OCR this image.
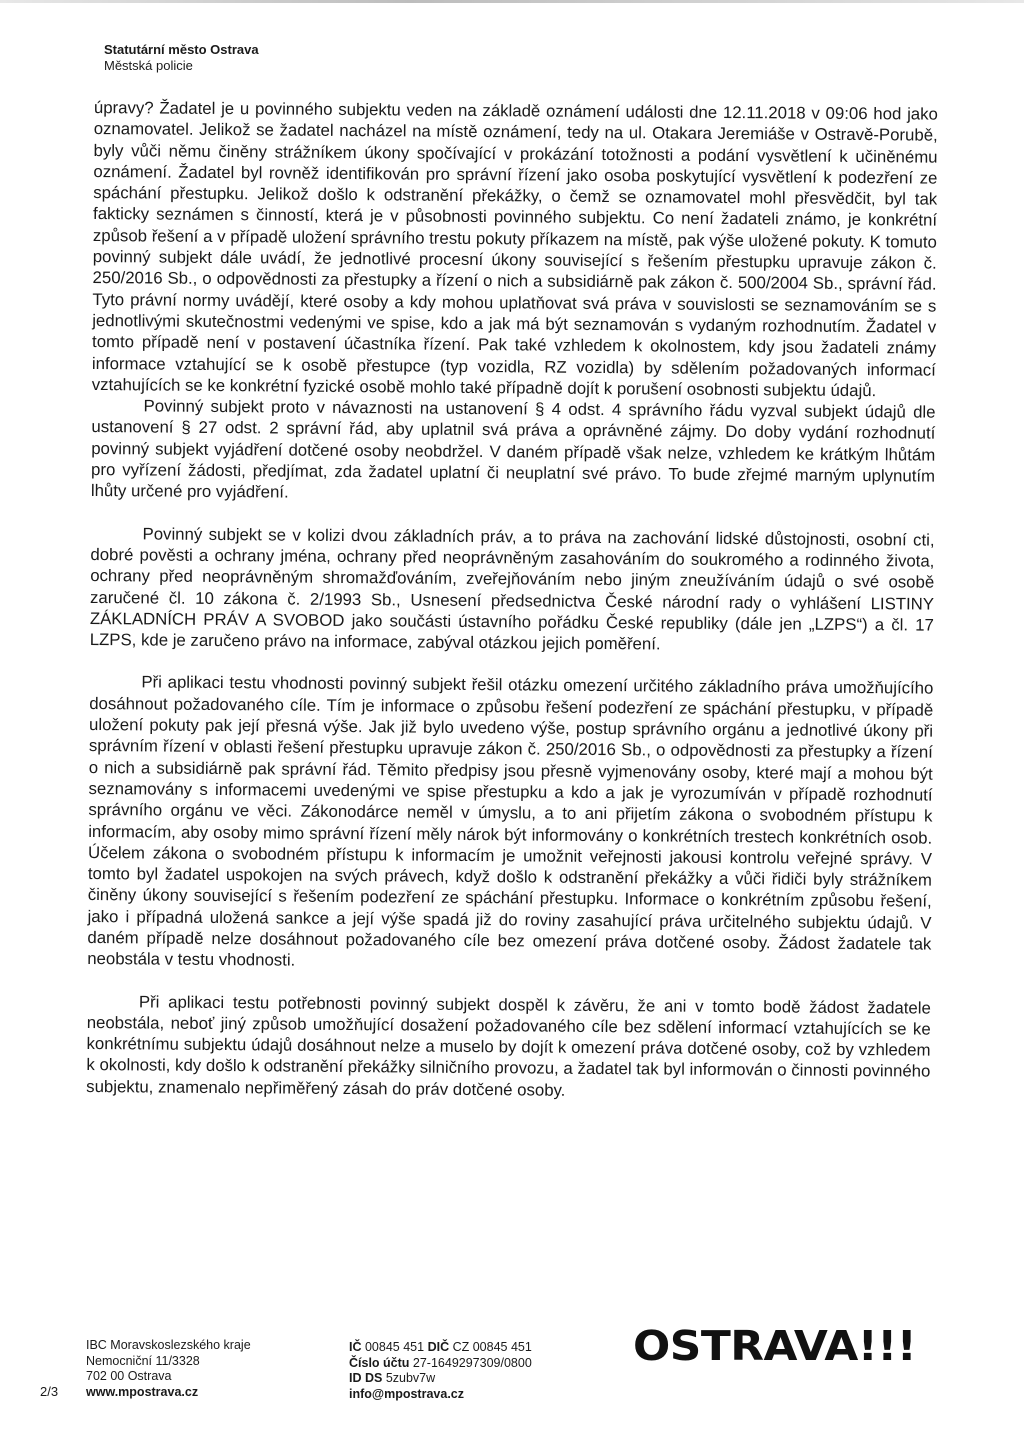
Statutární město Ostrava
Městská policie

úpravy? Žadatel je u povinného subjektu veden na základě oznámení události dne 12.11.2018 v 09:06 hod jako oznamovatel. Jelikož se žadatel nacházel na místě oznámení, tedy na ul. Otakara Jeremiáše v Ostravě-Porubě, byly vůči němu činěny strážníkem úkony spočívající v prokázání totožnosti a podání vysvětlení k učiněnému oznámení. Žadatel byl rovněž identifikován pro správní řízení jako osoba poskytující vysvětlení k podezření ze spáchání přestupku. Jelikož došlo k odstranění překážky, o čemž se oznamovatel mohl přesvědčit, byl tak fakticky seznámen s činností, která je v působnosti povinného subjektu. Co není žadateli známo, je konkrétní způsob řešení a v případě uložení správního trestu pokuty příkazem na místě, pak výše uložené pokuty. K tomuto povinný subjekt dále uvádí, že jednotlivé procesní úkony související s řešením přestupku upravuje zákon č. 250/2016 Sb., o odpovědnosti za přestupky a řízení o nich a subsidiárně pak zákon č. 500/2004 Sb., správní řád. Tyto právní normy uvádějí, které osoby a kdy mohou uplatňovat svá práva v souvislosti se seznamováním se s jednotlivými skutečnostmi vedenými ve spise, kdo a jak má být seznamován s vydaným rozhodnutím. Žadatel v tomto případě není v postavení účastníka řízení. Pak také vzhledem k okolnostem, kdy jsou žadateli známy informace vztahující se k osobě přestupce (typ vozidla, RZ vozidla) by sdělením požadovaných informací vztahujících se ke konkrétní fyzické osobě mohlo také případně dojít k porušení osobnosti subjektu údajů.

Povinný subjekt proto v návaznosti na ustanovení § 4 odst. 4 správního řádu vyzval subjekt údajů dle ustanovení § 27 odst. 2 správní řád, aby uplatnil svá práva a oprávněné zájmy. Do doby vydání rozhodnutí povinný subjekt vyjádření dotčené osoby neobdržel. V daném případě však nelze, vzhledem ke krátkým lhůtám pro vyřízení žádosti, předjímat, zda žadatel uplatní či neuplatní své právo. To bude zřejmé marným uplynutím lhůty určené pro vyjádření.

Povinný subjekt se v kolizi dvou základních práv, a to práva na zachování lidské důstojnosti, osobní cti, dobré pověsti a ochrany jména, ochrany před neoprávněným zasahováním do soukromého a rodinného života, ochrany před neoprávněným shromažďováním, zveřejňováním nebo jiným zneužíváním údajů o své osobě zaručené čl. 10 zákona č. 2/1993 Sb., Usnesení předsednictva České národní rady o vyhlášení LISTINY ZÁKLADNÍCH PRÁV A SVOBOD jako součásti ústavního pořádku České republiky (dále jen „LZPS“) a čl. 17 LZPS, kde je zaručeno právo na informace, zabýval otázkou jejich poměření.

Při aplikaci testu vhodnosti povinný subjekt řešil otázku omezení určitého základního práva umožňujícího dosáhnout požadovaného cíle. Tím je informace o způsobu řešení podezření ze spáchání přestupku, v případě uložení pokuty pak její přesná výše. Jak již bylo uvedeno výše, postup správního orgánu a jednotlivé úkony při správním řízení v oblasti řešení přestupku upravuje zákon č. 250/2016 Sb., o odpovědnosti za přestupky a řízení o nich a subsidiárně pak správní řád. Těmito předpisy jsou přesně vyjmenovány osoby, které mají a mohou být seznamovány s informacemi uvedenými ve spise přestupku a kdo a jak je vyrozumíván v případě rozhodnutí správního orgánu ve věci. Zákonodárce neměl v úmyslu, a to ani přijetím zákona o svobodném přístupu k informacím, aby osoby mimo správní řízení měly nárok být informovány o konkrétních trestech konkrétních osob. Účelem zákona o svobodném přístupu k informacím je umožnit veřejnosti jakousi kontrolu veřejné správy. V tomto byl žadatel uspokojen na svých právech, když došlo k odstranění překážky a vůči řidiči byly strážníkem činěny úkony související s řešením podezření ze spáchání přestupku. Informace o konkrétním způsobu řešení, jako i případná uložená sankce a její výše spadá již do roviny zasahující práva určitelného subjektu údajů. V daném případě nelze dosáhnout požadovaného cíle bez omezení práva dotčené osoby. Žádost žadatele tak neobstála v testu vhodnosti.

Při aplikaci testu potřebnosti povinný subjekt dospěl k závěru, že ani v tomto bodě žádost žadatele neobstála, neboť jiný způsob umožňující dosažení požadovaného cíle bez sdělení informací vztahujících se ke konkrétnímu subjektu údajů dosáhnout nelze a muselo by dojít k omezení práva dotčené osoby, což by vzhledem k okolnosti, kdy došlo k odstranění překážky silničního provozu, a žadatel tak byl informován o činnosti povinného subjektu, znamenalo nepřiměřený zásah do práv dotčené osoby.

2/3
IBC Moravskoslezského kraje
Nemocniční 11/3328
702 00 Ostrava
www.mpostrava.cz
IČ 00845 451 DIČ CZ 00845 451
Číslo účtu 27-1649297309/0800
ID DS 5zubv7w
info@mpostrava.cz
OSTRAVA!!!
